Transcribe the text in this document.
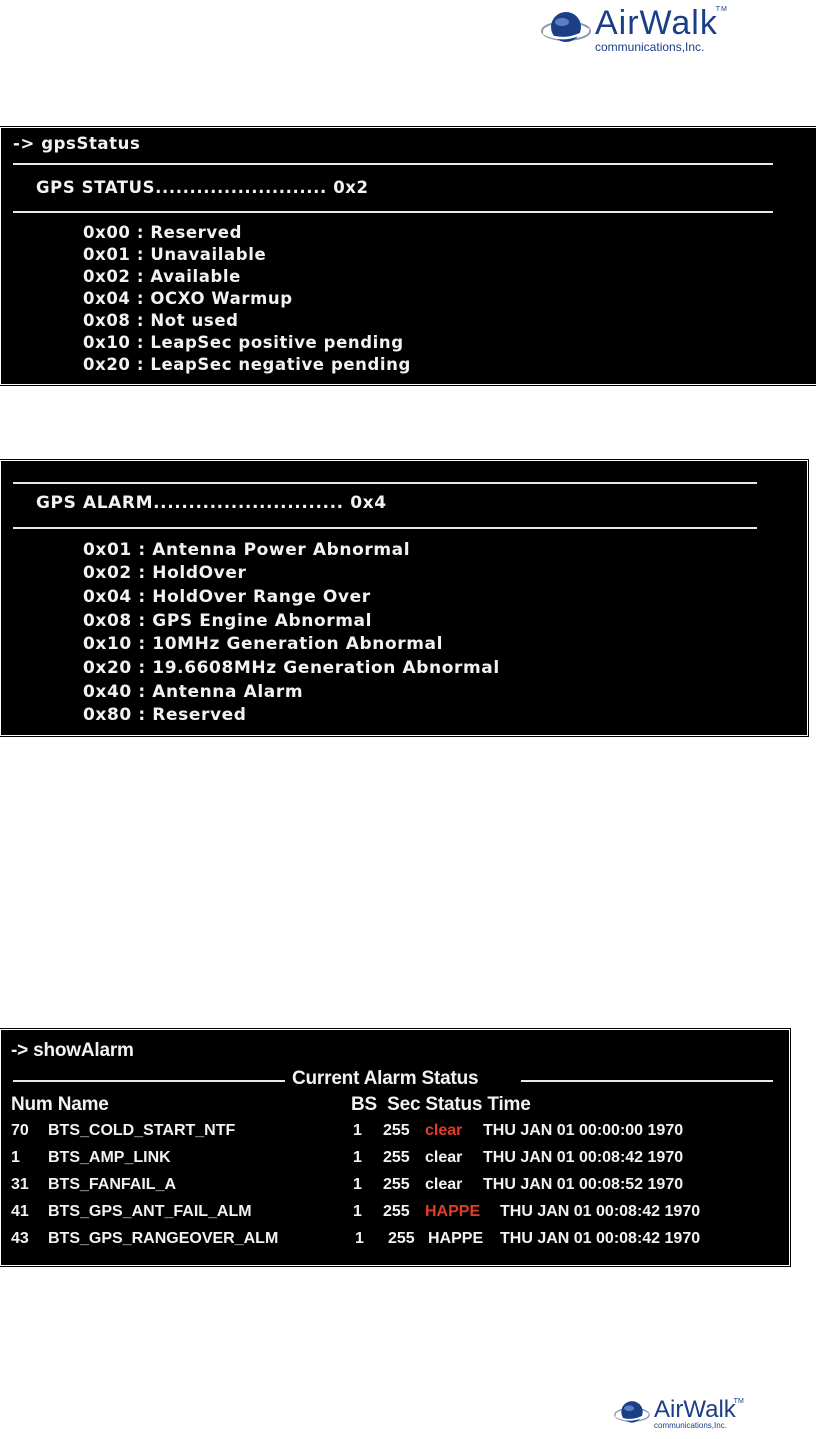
AirWalk
TM
communications,Inc.
-> gpsStatus
GPS STATUS......................... 0x2
0x00 : Reserved
0x01 : Unavailable
0x02 : Available
0x04 : OCXO Warmup
0x08 : Not used
0x10 : LeapSec positive pending
0x20 : LeapSec negative pending
GPS ALARM........................... 0x4
0x01 : Antenna Power Abnormal
0x02 : HoldOver
0x04 : HoldOver Range Over
0x08 : GPS Engine Abnormal
0x10 : 10MHz Generation Abnormal
0x20 : 19.6608MHz Generation Abnormal
0x40 : Antenna Alarm
0x80 : Reserved
-> showAlarm
Current Alarm Status
Num Name	BS  Sec Status Time
70 BTS_COLD_START_NTF	1 255 clear THU JAN 01 00:00:00 1970
1 BTS_AMP_LINK	1 255 clear THU JAN 01 00:08:42 1970
31 BTS_FANFAIL_A	1 255 clear THU JAN 01 00:08:52 1970
41 BTS_GPS_ANT_FAIL_ALM	1 255 HAPPE THU JAN 01 00:08:42 1970
43 BTS_GPS_RANGEOVER_ALM	1 255 HAPPE THU JAN 01 00:08:42 1970
AirWalk
TM
communications,Inc.
